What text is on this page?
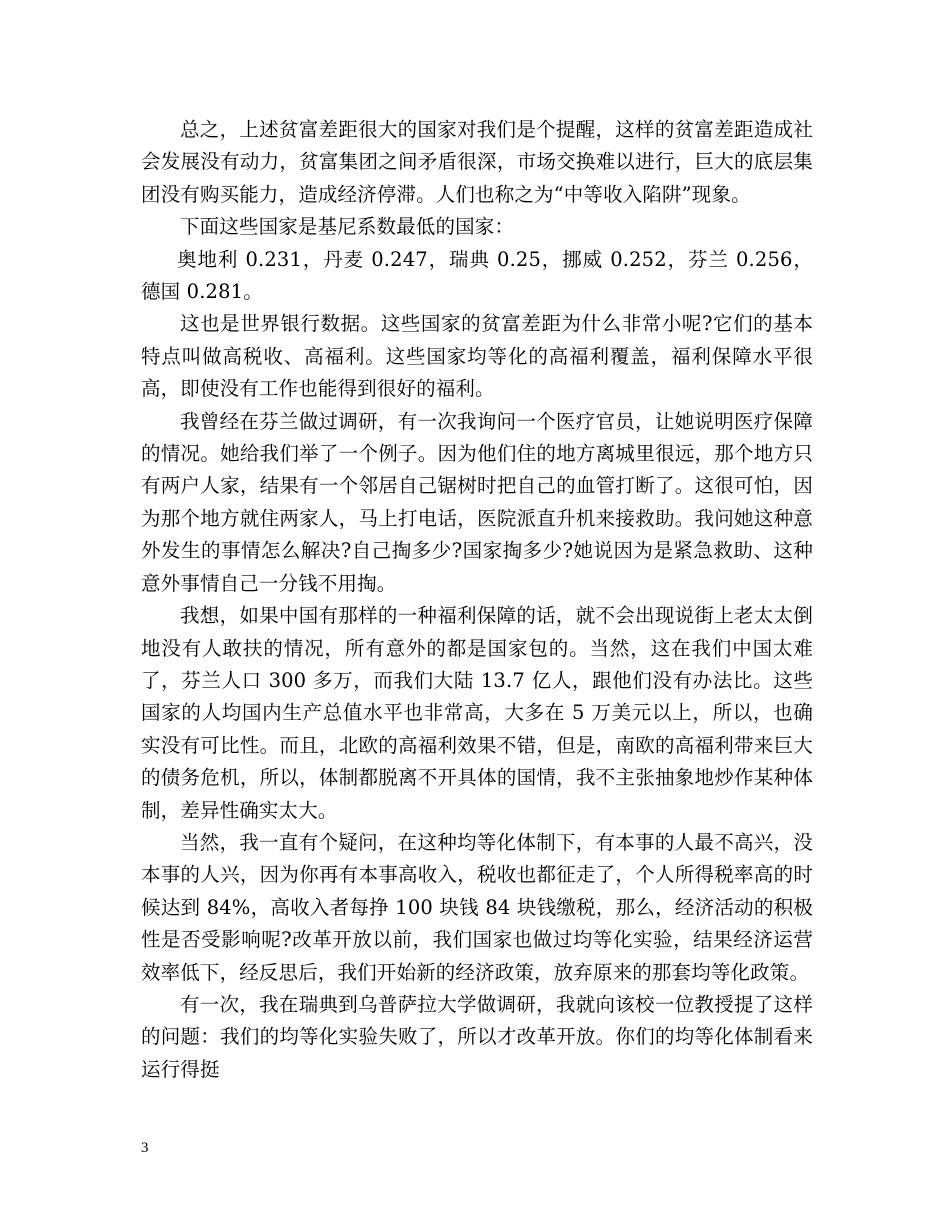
总之，上述贫富差距很大的国家对我们是个提醒，这样的贫富差距造成社会发展没有动力，贫富集团之间矛盾很深，市场交换难以进行，巨大的底层集团没有购买能力，造成经济停滞。人们也称之为“中等收入陷阱”现象。

下面这些国家是基尼系数最低的国家：

奥地利 0.231，丹麦 0.247，瑞典 0.25，挪威 0.252，芬兰 0.256，德国 0.281。

这也是世界银行数据。这些国家的贫富差距为什么非常小呢?它们的基本特点叫做高税收、高福利。这些国家均等化的高福利覆盖，福利保障水平很高，即使没有工作也能得到很好的福利。

我曾经在芬兰做过调研，有一次我询问一个医疗官员，让她说明医疗保障的情况。她给我们举了一个例子。因为他们住的地方离城里很远，那个地方只有两户人家，结果有一个邻居自己锯树时把自己的血管打断了。这很可怕，因为那个地方就住两家人，马上打电话，医院派直升机来接救助。我问她这种意外发生的事情怎么解决?自己掏多少?国家掏多少?她说因为是紧急救助、这种意外事情自己一分钱不用掏。

我想，如果中国有那样的一种福利保障的话，就不会出现说街上老太太倒地没有人敢扶的情况，所有意外的都是国家包的。当然，这在我们中国太难了，芬兰人口 300 多万，而我们大陆 13.7 亿人，跟他们没有办法比。这些国家的人均国内生产总值水平也非常高，大多在 5 万美元以上，所以，也确实没有可比性。而且，北欧的高福利效果不错，但是，南欧的高福利带来巨大的债务危机，所以，体制都脱离不开具体的国情，我不主张抽象地炒作某种体制，差异性确实太大。

当然，我一直有个疑问，在这种均等化体制下，有本事的人最不高兴，没本事的人兴，因为你再有本事高收入，税收也都征走了，个人所得税率高的时候达到 84%，高收入者每挣 100 块钱 84 块钱缴税，那么，经济活动的积极性是否受影响呢?改革开放以前，我们国家也做过均等化实验，结果经济运营效率低下，经反思后，我们开始新的经济政策，放弃原来的那套均等化政策。

有一次，我在瑞典到乌普萨拉大学做调研，我就向该校一位教授提了这样的问题：我们的均等化实验失败了，所以才改革开放。你们的均等化体制看来运行得挺

3
